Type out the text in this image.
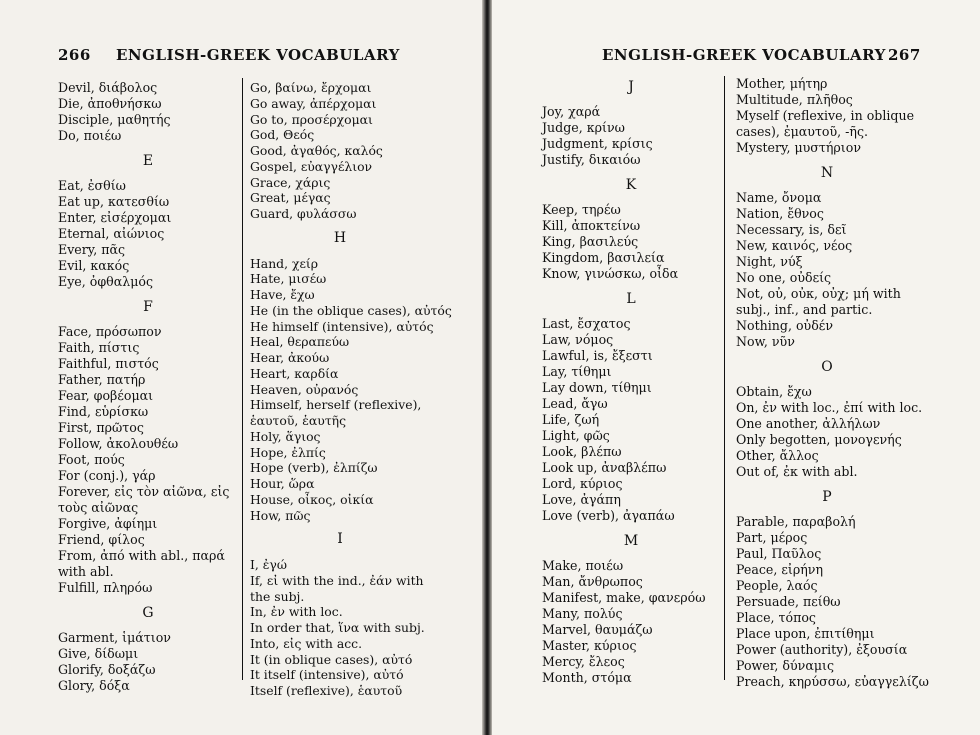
266 ENGLISH-GREEK VOCABULARY
Devil, διάβολος
Die, ἀποθνήσκω
Disciple, μαθητής
Do, ποιέω
E
Eat, ἐσθίω
Eat up, κατεσθίω
Enter, εἰσέρχομαι
Eternal, αἰώνιος
Every, πᾶς
Evil, κακός
Eye, ὀφθαλμός
F
Face, πρόσωπον
Faith, πίστις
Faithful, πιστός
Father, πατήρ
Fear, φοβέομαι
Find, εὑρίσκω
First, πρῶτος
Follow, ἀκολουθέω
Foot, πούς
For (conj.), γάρ
Forever, εἰς τὸν αἰῶνα, εἰς τοὺς αἰῶνας
Forgive, ἀφίημι
Friend, φίλος
From, ἀπό with abl., παρά with abl.
Fulfill, πληρόω
G
Garment, ἱμάτιον
Give, δίδωμι
Glorify, δοξάζω
Glory, δόξα
Go, βαίνω, ἔρχομαι
Go away, ἀπέρχομαι
Go to, προσέρχομαι
God, Θεός
Good, ἀγαθός, καλός
Gospel, εὐαγγέλιον
Grace, χάρις
Great, μέγας
Guard, φυλάσσω
H
Hand, χείρ
Hate, μισέω
Have, ἔχω
He (in the oblique cases), αὐτός
He himself (intensive), αὐτός
Heal, θεραπεύω
Hear, ἀκούω
Heart, καρδία
Heaven, οὐρανός
Himself, herself (reflexive), ἑαυτοῦ, ἑαυτῆς
Holy, ἅγιος
Hope, ἐλπίς
Hope (verb), ἐλπίζω
Hour, ὥρα
House, οἶκος, οἰκία
How, πῶς
I
I, ἐγώ
If, εἰ with the ind., ἐάν with the subj.
In, ἐν with loc.
In order that, ἵνα with subj.
Into, εἰς with acc.
It (in oblique cases), αὐτό
It itself (intensive), αὐτό
Itself (reflexive), ἑαυτοῦ
ENGLISH-GREEK VOCABULARY 267
J
Joy, χαρά
Judge, κρίνω
Judgment, κρίσις
Justify, δικαιόω
K
Keep, τηρέω
Kill, ἀποκτείνω
King, βασιλεύς
Kingdom, βασιλεία
Know, γινώσκω, οἶδα
L
Last, ἔσχατος
Law, νόμος
Lawful, is, ἔξεστι
Lay, τίθημι
Lay down, τίθημι
Lead, ἄγω
Life, ζωή
Light, φῶς
Look, βλέπω
Look up, ἀναβλέπω
Lord, κύριος
Love, ἀγάπη
Love (verb), ἀγαπάω
M
Make, ποιέω
Man, ἄνθρωπος
Manifest, make, φανερόω
Many, πολύς
Marvel, θαυμάζω
Master, κύριος
Mercy, ἔλεος
Month, στόμα
Mother, μήτηρ
Multitude, πλῆθος
Myself (reflexive, in oblique cases), ἐμαυτοῦ, -ῆς.
Mystery, μυστήριον
N
Name, ὄνομα
Nation, ἔθνος
Necessary, is, δεῖ
New, καινός, νέος
Night, νύξ
No one, οὐδείς
Not, οὐ, οὐκ, οὐχ; μή with subj., inf., and partic.
Nothing, οὐδέν
Now, νῦν
O
Obtain, ἔχω
On, ἐν with loc., ἐπί with loc.
One another, ἀλλήλων
Only begotten, μονογενής
Other, ἄλλος
Out of, ἐκ with abl.
P
Parable, παραβολή
Part, μέρος
Paul, Παῦλος
Peace, εἰρήνη
People, λαός
Persuade, πείθω
Place, τόπος
Place upon, ἐπιτίθημι
Power (authority), ἐξουσία
Power, δύναμις
Preach, κηρύσσω, εὐαγγελίζω
